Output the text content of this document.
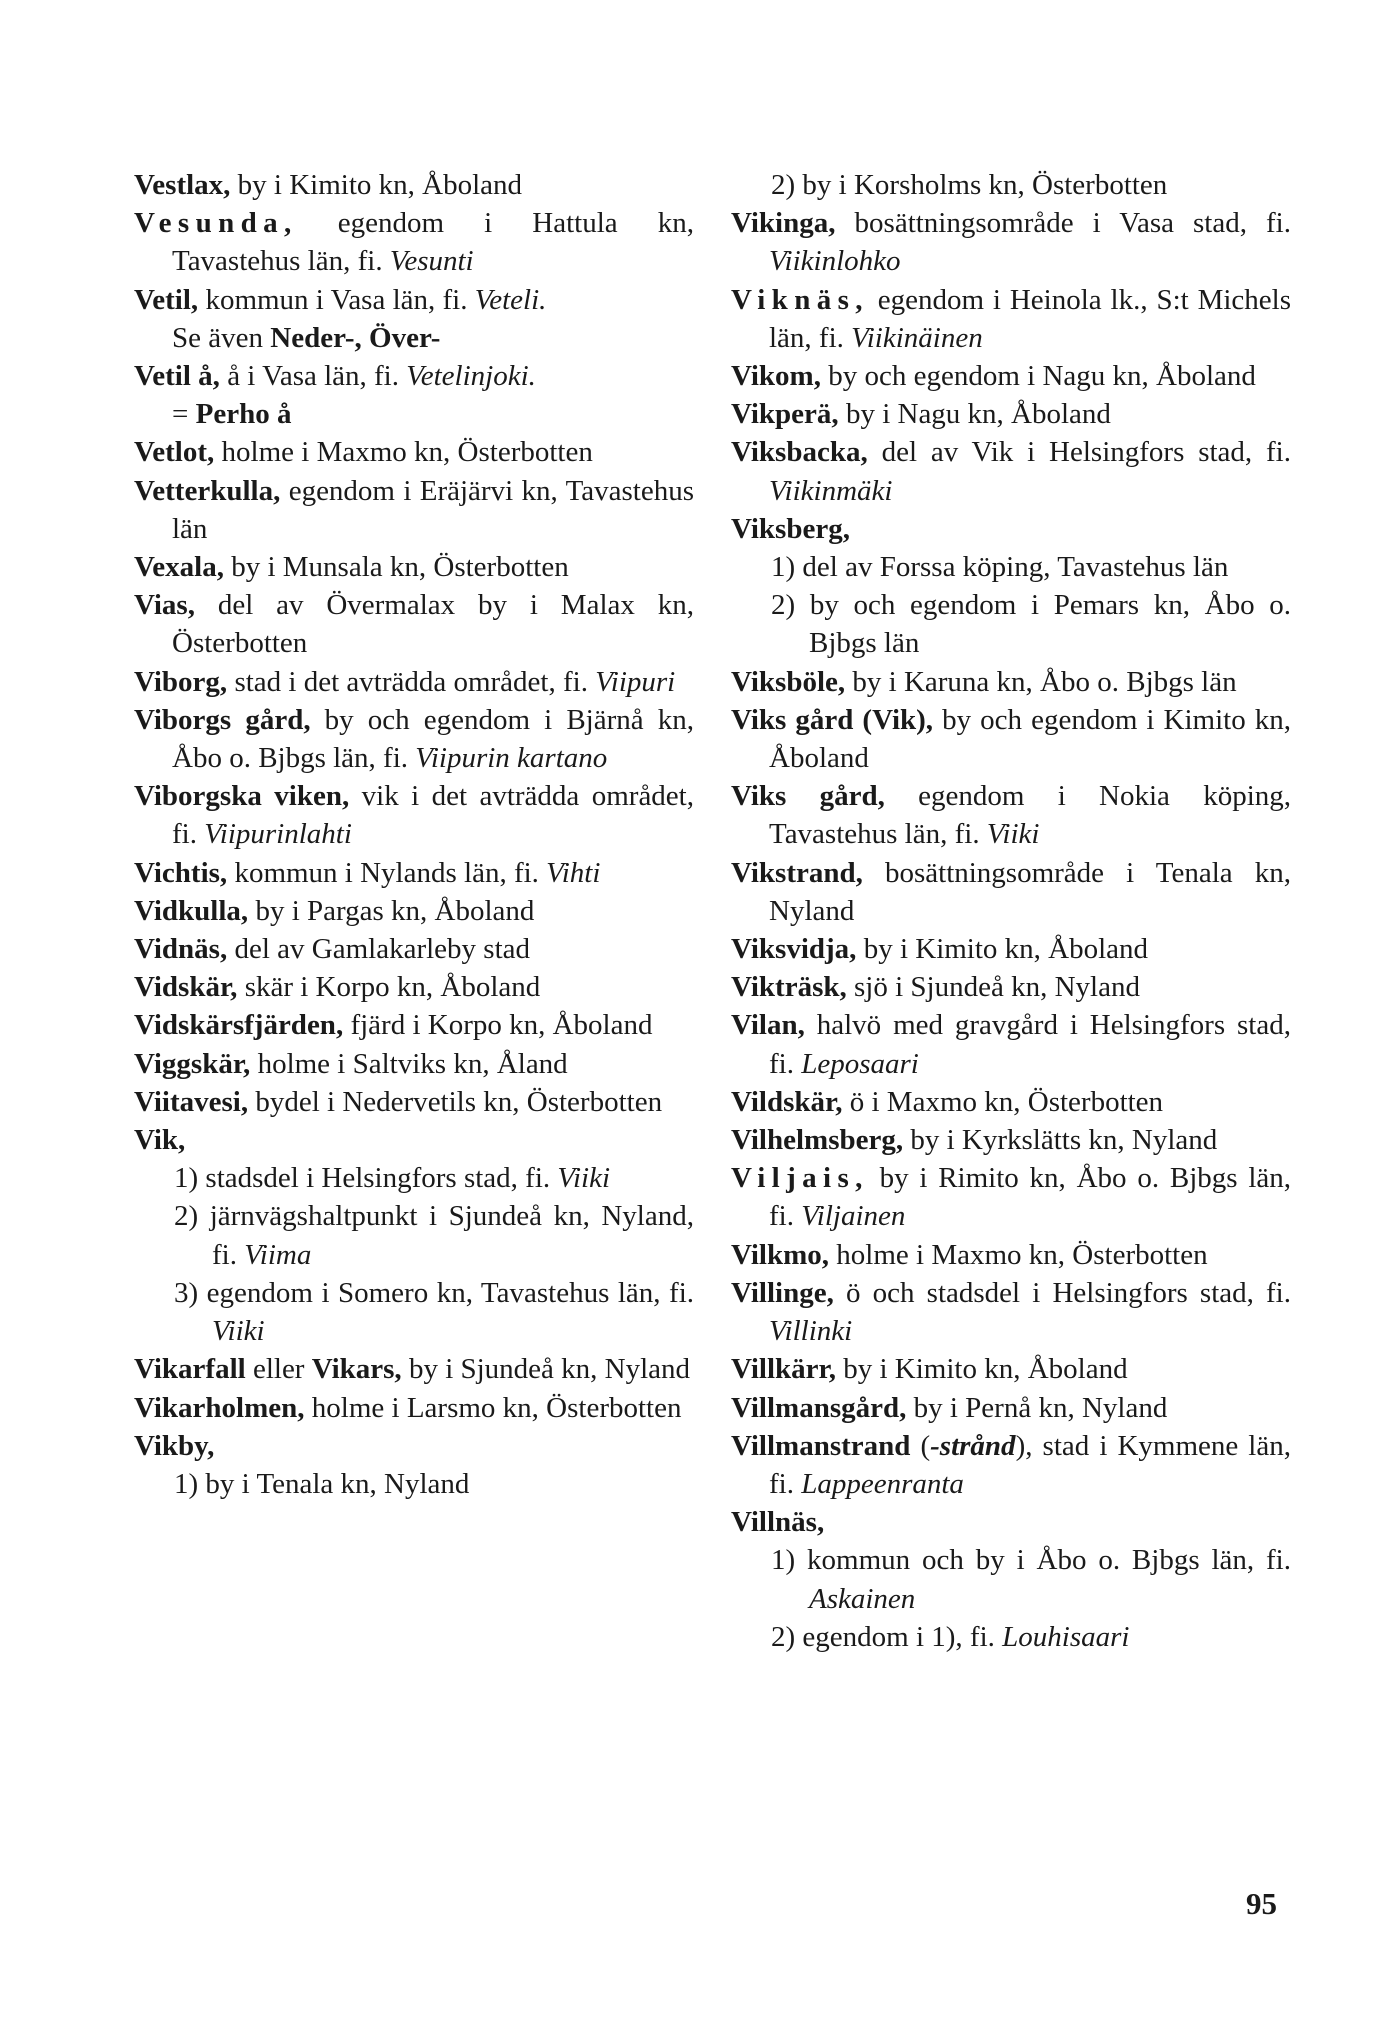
Vestlax, by i Kimito kn, Åboland

Vesunda, egendom i Hattula kn, Tavastehus län, fi. Vesunti

Vetil, kommun i Vasa län, fi. Veteli.

Se även Neder-, Över-

Vetil å, å i Vasa län, fi. Vetelinjoki.

= Perho å

Vetlot, holme i Maxmo kn, Österbotten

Vetterkulla, egendom i Eräjärvi kn, Tavastehus län

Vexala, by i Munsala kn, Österbotten

Vias, del av Övermalax by i Malax kn, Österbotten

Viborg, stad i det avträdda området, fi. Viipuri

Viborgs gård, by och egendom i Bjärnå kn, Åbo o. Bjbgs län, fi. Viipurin kartano

Viborgska viken, vik i det avträdda området, fi. Viipurinlahti

Vichtis, kommun i Nylands län, fi. Vihti

Vidkulla, by i Pargas kn, Åboland

Vidnäs, del av Gamlakarleby stad

Vidskär, skär i Korpo kn, Åboland

Vidskärsfjärden, fjärd i Korpo kn, Åboland

Viggskär, holme i Saltviks kn, Åland

Viitavesi, bydel i Nedervetils kn, Österbotten

Vik,

1) stadsdel i Helsingfors stad, fi. Viiki

2) järnvägshaltpunkt i Sjundeå kn, Nyland, fi. Viima

3) egendom i Somero kn, Tavastehus län, fi. Viiki

Vikarfall eller Vikars, by i Sjundeå kn, Nyland

Vikarholmen, holme i Larsmo kn, Österbotten

Vikby,

1) by i Tenala kn, Nyland

2) by i Korsholms kn, Österbotten

Vikinga, bosättningsområde i Vasa stad, fi. Viikinlohko

Viknäs, egendom i Heinola lk., S:t Michels län, fi. Viikinäinen

Vikom, by och egendom i Nagu kn, Åboland

Vikperä, by i Nagu kn, Åboland

Viksbacka, del av Vik i Helsingfors stad, fi. Viikinmäki

Viksberg,

1) del av Forssa köping, Tavastehus län

2) by och egendom i Pemars kn, Åbo o. Bjbgs län

Viksböle, by i Karuna kn, Åbo o. Bjbgs län

Viks gård (Vik), by och egendom i Kimito kn, Åboland

Viks gård, egendom i Nokia köping, Tavastehus län, fi. Viiki

Vikstrand, bosättningsområde i Tenala kn, Nyland

Viksvidja, by i Kimito kn, Åboland

Vikträsk, sjö i Sjundeå kn, Nyland

Vilan, halvö med gravgård i Helsingfors stad, fi. Leposaari

Vildskär, ö i Maxmo kn, Österbotten

Vilhelmsberg, by i Kyrkslätts kn, Nyland

Viljais, by i Rimito kn, Åbo o. Bjbgs län, fi. Viljainen

Vilkmo, holme i Maxmo kn, Österbotten

Villinge, ö och stadsdel i Helsingfors stad, fi. Villinki

Villkärr, by i Kimito kn, Åboland

Villmansgård, by i Pernå kn, Nyland

Villmanstrand (-strånd), stad i Kymmene län, fi. Lappeenranta

Villnäs,

1) kommun och by i Åbo o. Bjbgs län, fi. Askainen

2) egendom i 1), fi. Louhisaari

95
